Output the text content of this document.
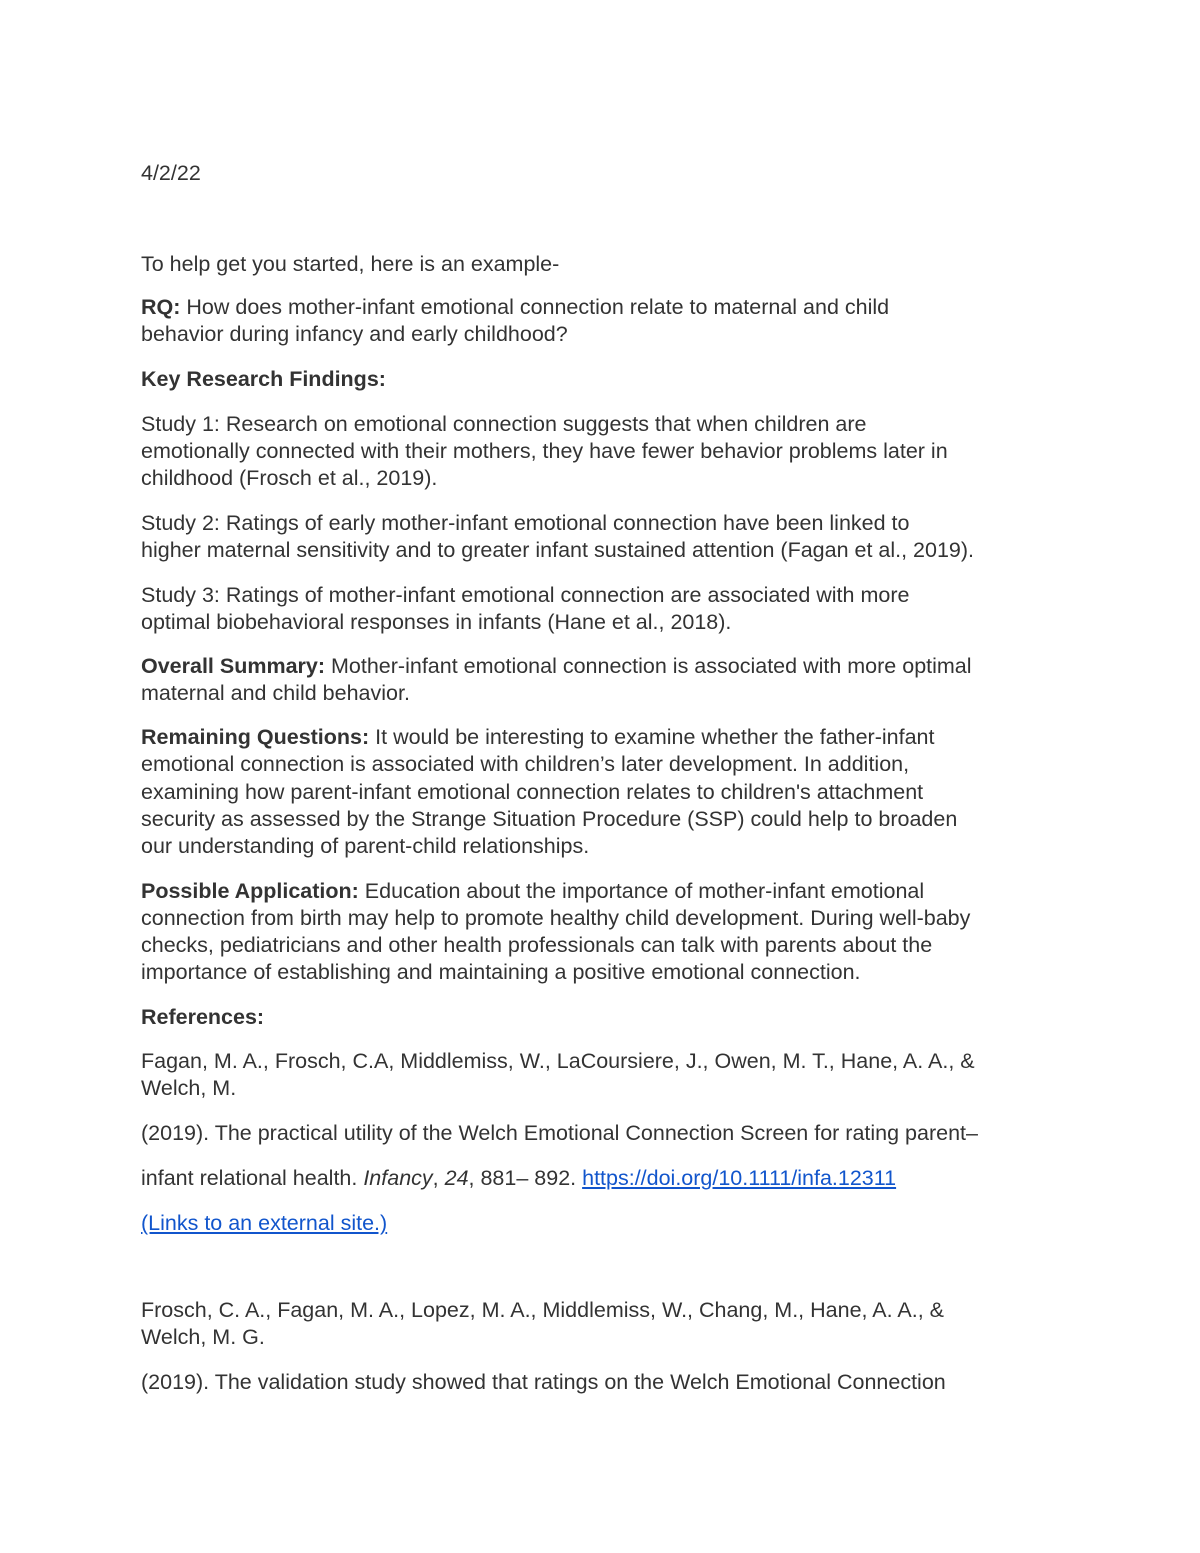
4/2/22

To help get you started, here is an example-

RQ: How does mother-infant emotional connection relate to maternal and child

behavior during infancy and early childhood?

Key Research Findings:

Study 1: Research on emotional connection suggests that when children are

emotionally connected with their mothers, they have fewer behavior problems later in

childhood (Frosch et al., 2019).

Study 2: Ratings of early mother-infant emotional connection have been linked to

higher maternal sensitivity and to greater infant sustained attention (Fagan et al., 2019).

Study 3: Ratings of mother-infant emotional connection are associated with more

optimal biobehavioral responses in infants (Hane et al., 2018).

Overall Summary: Mother-infant emotional connection is associated with more optimal

maternal and child behavior.

Remaining Questions: It would be interesting to examine whether the father-infant

emotional connection is associated with children’s later development. In addition,

examining how parent-infant emotional connection relates to children's attachment

security as assessed by the Strange Situation Procedure (SSP) could help to broaden

our understanding of parent-child relationships.

Possible Application: Education about the importance of mother-infant emotional

connection from birth may help to promote healthy child development. During well-baby

checks, pediatricians and other health professionals can talk with parents about the

importance of establishing and maintaining a positive emotional connection.

References:

Fagan, M. A., Frosch, C.A, Middlemiss, W., LaCoursiere, J., Owen, M. T., Hane, A. A., &

Welch, M.

(2019). The practical utility of the Welch Emotional Connection Screen for rating parent–

infant relational health. Infancy, 24, 881– 892. https://doi.org/10.1111/infa.12311

(Links to an external site.)

Frosch, C. A., Fagan, M. A., Lopez, M. A., Middlemiss, W., Chang, M., Hane, A. A., &

Welch, M. G.

(2019). The validation study showed that ratings on the Welch Emotional Connection
